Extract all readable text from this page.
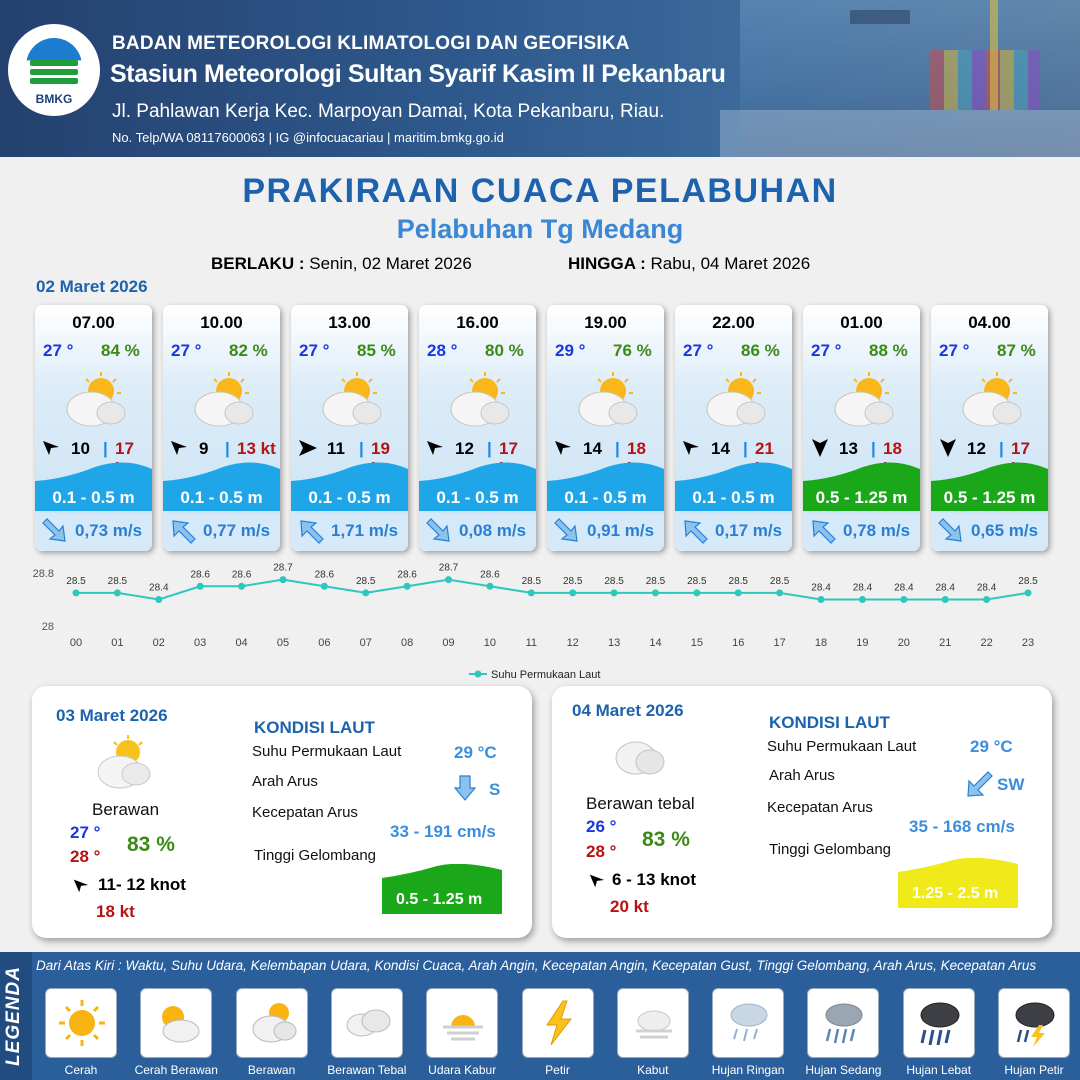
BMKG
BADAN METEOROLOGI KLIMATOLOGI DAN GEOFISIKA
Stasiun Meteorologi Sultan Syarif Kasim II Pekanbaru
Jl. Pahlawan Kerja Kec. Marpoyan Damai, Kota Pekanbaru, Riau.
No. Telp/WA 08117600063 | IG @infocuacariau | maritim.bmkg.go.id
PRAKIRAAN CUACA PELABUHAN
Pelabuhan Tg Medang
BERLAKU : Senin, 02 Maret 2026	HINGGA : Rabu, 04 Maret 2026
02 Maret 2026
07.00
27 ° 84 %
10 | 17
0.1 - 0.5 m
0,73 m/s
10.00
27 ° 82 %
9 | 13 kt
0.1 - 0.5 m
0,77 m/s
13.00
27 ° 85 %
11 | 19
0.1 - 0.5 m
1,71 m/s
16.00
28 ° 80 %
12 | 17
0.1 - 0.5 m
0,08 m/s
19.00
29 ° 76 %
14 | 18
0.1 - 0.5 m
0,91 m/s
22.00
27 ° 86 %
14 | 21
0.1 - 0.5 m
0,17 m/s
01.00
27 ° 88 %
13 | 18
0.5 - 1.25 m
0,78 m/s
04.00
27 ° 87 %
12 | 17
0.5 - 1.25 m
0,65 m/s
28.8
28
28.5
00
28.5
01
28.4
02
28.6
03
28.6
04
28.7
05
28.6
06
28.5
07
28.6
08
28.7
09
28.6
10
28.5
11
28.5
12
28.5
13
28.5
14
28.5
15
28.5
16
28.5
17
28.4
18
28.4
19
28.4
20
28.4
21
28.4
22
28.5
23
Suhu Permukaan Laut
03 Maret 2026
Berawan
27 °
28 °
83 %
11- 12 knot
18 kt
KONDISI LAUT
Suhu Permukaan Laut	29 °C
Arah Arus	S
Kecepatan Arus
33 - 191 cm/s
Tinggi Gelombang
0.5 - 1.25 m
04 Maret 2026
Berawan tebal
26 °
28 °
83 %
6 - 13 knot
20 kt
KONDISI LAUT
Suhu Permukaan Laut	29 °C
Arah Arus	SW
Kecepatan Arus
35 - 168 cm/s
Tinggi Gelombang
1.25 - 2.5 m
LEGENDA
Dari Atas Kiri : Waktu, Suhu Udara, Kelembapan Udara, Kondisi Cuaca, Arah Angin, Kecepatan Angin, Kecepatan Gust, Tinggi Gelombang, Arah Arus, Kecepatan Arus
Cerah	Cerah Berawan	Berawan	Berawan Tebal	Udara Kabur	Petir	Kabut	Hujan Ringan	Hujan Sedang	Hujan Lebat	Hujan Petir
